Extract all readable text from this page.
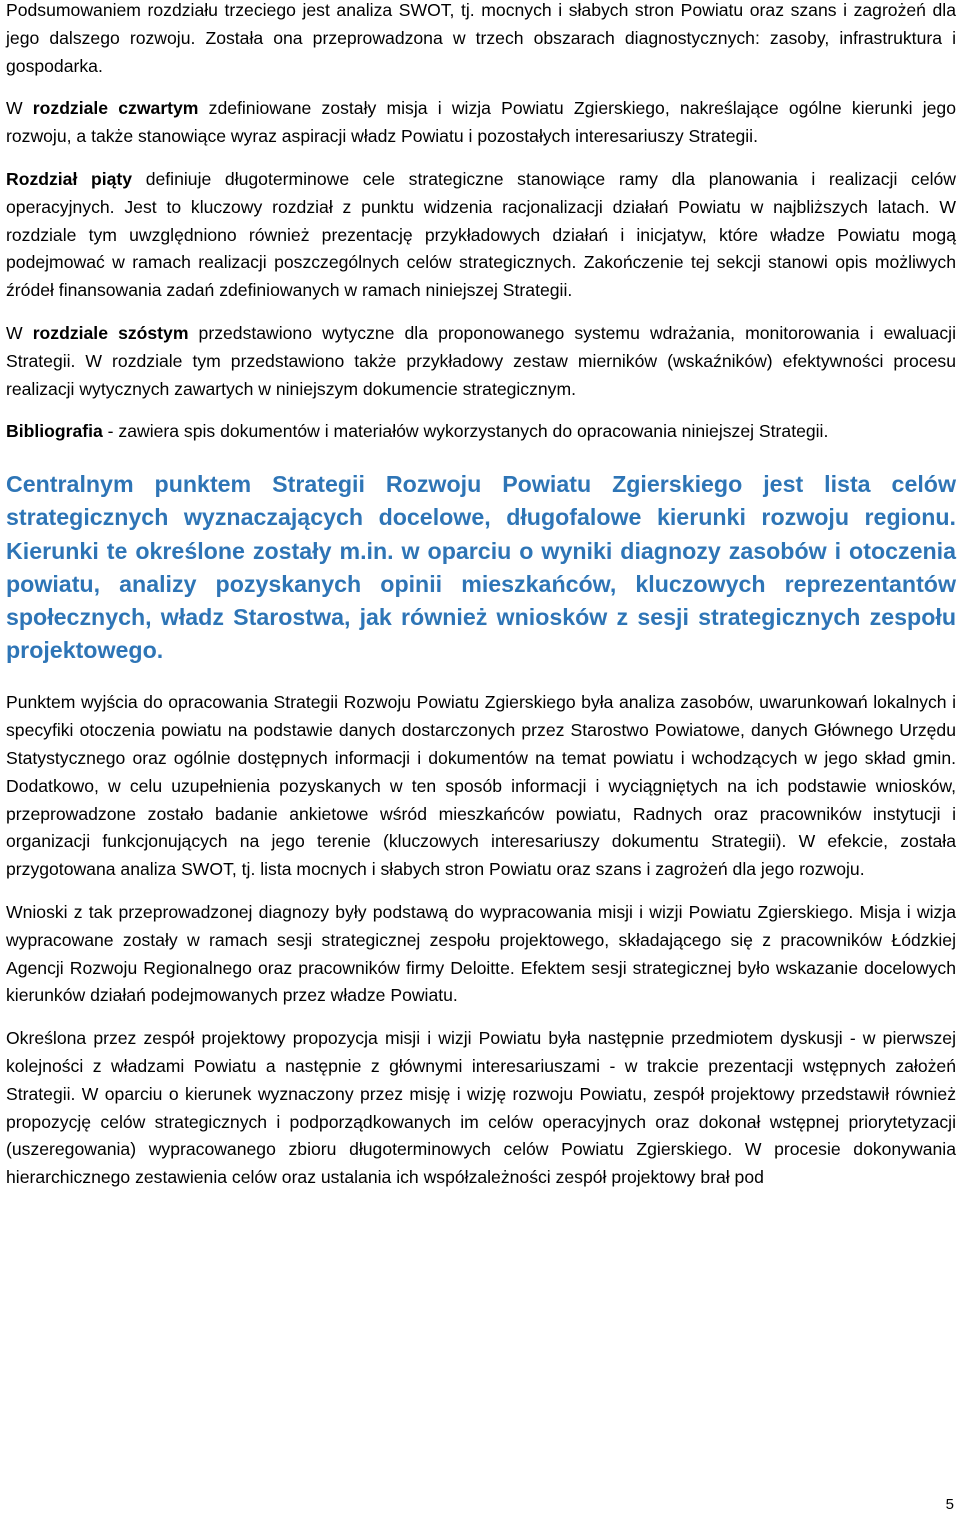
Podsumowaniem rozdziału trzeciego jest analiza SWOT, tj. mocnych i słabych stron Powiatu oraz szans i zagrożeń dla jego dalszego rozwoju. Została ona przeprowadzona w trzech obszarach diagnostycznych: zasoby, infrastruktura i gospodarka.

W rozdziale czwartym zdefiniowane zostały misja i wizja Powiatu Zgierskiego, nakreślające ogólne kierunki jego rozwoju, a także stanowiące wyraz aspiracji władz Powiatu i pozostałych interesariuszy Strategii.

Rozdział piąty definiuje długoterminowe cele strategiczne stanowiące ramy dla planowania i realizacji celów operacyjnych. Jest to kluczowy rozdział z punktu widzenia racjonalizacji działań Powiatu w najbliższych latach. W rozdziale tym uwzględniono również prezentację przykładowych działań i inicjatyw, które władze Powiatu mogą podejmować w ramach realizacji poszczególnych celów strategicznych. Zakończenie tej sekcji stanowi opis możliwych źródeł finansowania zadań zdefiniowanych w ramach niniejszej Strategii.

W rozdziale szóstym przedstawiono wytyczne dla proponowanego systemu wdrażania, monitorowania i ewaluacji Strategii. W rozdziale tym przedstawiono także przykładowy zestaw mierników (wskaźników) efektywności procesu realizacji wytycznych zawartych w niniejszym dokumencie strategicznym.

Bibliografia - zawiera spis dokumentów i materiałów wykorzystanych do opracowania niniejszej Strategii.

Centralnym punktem Strategii Rozwoju Powiatu Zgierskiego jest lista celów strategicznych wyznaczających docelowe, długofalowe kierunki rozwoju regionu. Kierunki te określone zostały m.in. w oparciu o wyniki diagnozy zasobów i otoczenia powiatu, analizy pozyskanych opinii mieszkańców, kluczowych reprezentantów społecznych, władz Starostwa, jak również wniosków z sesji strategicznych zespołu projektowego.

Punktem wyjścia do opracowania Strategii Rozwoju Powiatu Zgierskiego była analiza zasobów, uwarunkowań lokalnych i specyfiki otoczenia powiatu na podstawie danych dostarczonych przez Starostwo Powiatowe, danych Głównego Urzędu Statystycznego oraz ogólnie dostępnych informacji i dokumentów na temat powiatu i wchodzących w jego skład gmin. Dodatkowo, w celu uzupełnienia pozyskanych w ten sposób informacji i wyciągniętych na ich podstawie wniosków, przeprowadzone zostało badanie ankietowe wśród mieszkańców powiatu, Radnych oraz pracowników instytucji i organizacji funkcjonujących na jego terenie (kluczowych interesariuszy dokumentu Strategii). W efekcie, została przygotowana analiza SWOT, tj. lista mocnych i słabych stron Powiatu oraz szans i zagrożeń dla jego rozwoju.

Wnioski z tak przeprowadzonej diagnozy były podstawą do wypracowania misji i wizji Powiatu Zgierskiego. Misja i wizja wypracowane zostały w ramach sesji strategicznej zespołu projektowego, składającego się z pracowników Łódzkiej Agencji Rozwoju Regionalnego oraz pracowników firmy Deloitte. Efektem sesji strategicznej było wskazanie docelowych kierunków działań podejmowanych przez władze Powiatu.

Określona przez zespół projektowy propozycja misji i wizji Powiatu była następnie przedmiotem dyskusji - w pierwszej kolejności z władzami Powiatu a następnie z głównymi interesariuszami - w trakcie prezentacji wstępnych założeń Strategii. W oparciu o kierunek wyznaczony przez misję i wizję rozwoju Powiatu, zespół projektowy przedstawił również propozycję celów strategicznych i podporządkowanych im celów operacyjnych oraz dokonał wstępnej priorytetyzacji (uszeregowania) wypracowanego zbioru długoterminowych celów Powiatu Zgierskiego. W procesie dokonywania hierarchicznego zestawienia celów oraz ustalania ich współzależności zespół projektowy brał pod

5
